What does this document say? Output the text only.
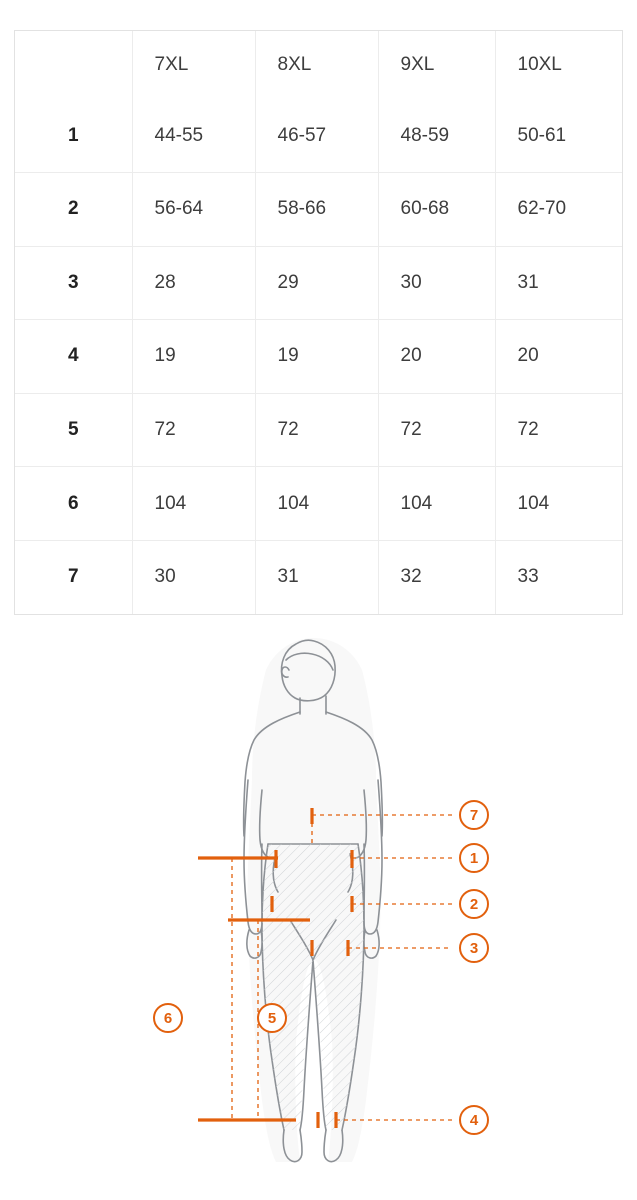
	7XL	8XL	9XL	10XL
1	44-55	46-57	48-59	50-61
2	56-64	58-66	60-68	62-70
3	28	29	30	31
4	19	19	20	20
5	72	72	72	72
6	104	104	104	104
7	30	31	32	33
7
1
2
3
6	5
4
